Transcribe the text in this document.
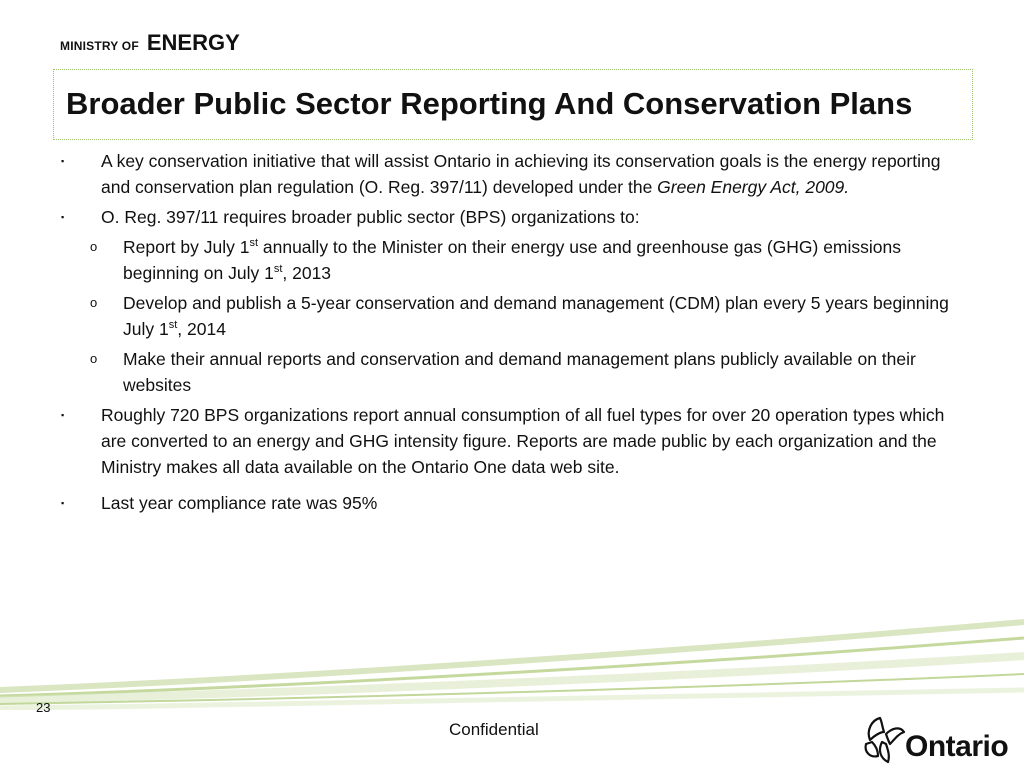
MINISTRY OF ENERGY
Broader Public Sector Reporting And Conservation Plans

▪ A key conservation initiative that will assist Ontario in achieving its conservation goals is the energy reporting and conservation plan regulation (O. Reg. 397/11) developed under the Green Energy Act, 2009.

▪ O. Reg. 397/11 requires broader public sector (BPS) organizations to:

o Report by July 1st annually to the Minister on their energy use and greenhouse gas (GHG) emissions beginning on July 1st, 2013

o Develop and publish a 5-year conservation and demand management (CDM) plan every 5 years beginning July 1st, 2014

o Make their annual reports and conservation and demand management plans publicly available on their websites

▪ Roughly 720 BPS organizations report annual consumption of all fuel types for over 20 operation types which are converted to an energy and GHG intensity figure. Reports are made public by each organization and the Ministry makes all data available on the Ontario One data web site.

▪ Last year compliance rate was 95%

23
Confidential
Ontario
